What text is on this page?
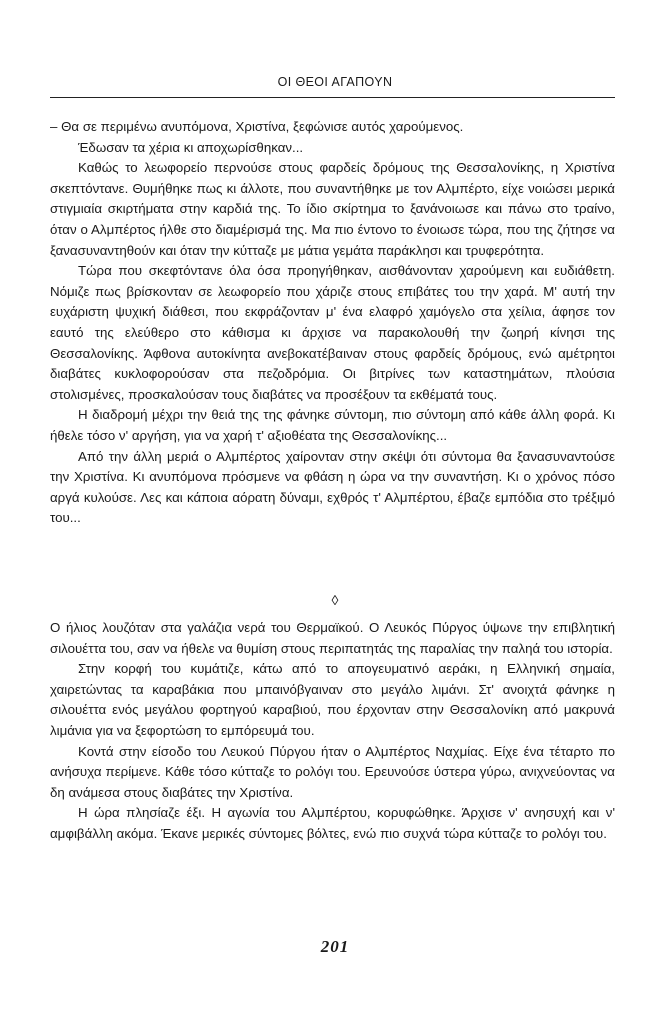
ΟΙ ΘΕΟΙ ΑΓΑΠΟΥΝ

– Θα σε περιμένω ανυπόμονα, Χριστίνα, ξεφώνισε αυτός χαρούμενος.

Έδωσαν τα χέρια κι αποχωρίσθηκαν...

Καθώς το λεωφορείο περνούσε στους φαρδείς δρόμους της Θεσσαλονίκης, η Χριστίνα σκεπτόντανε. Θυμήθηκε πως κι άλλοτε, που συναντήθηκε με τον Αλμπέρτο, είχε νοιώσει μερικά στιγμιαία σκιρτήματα στην καρδιά της. Το ίδιο σκίρτημα το ξανάνοιωσε και πάνω στο τραίνο, όταν ο Αλμπέρτος ήλθε στο διαμέρισμά της. Μα πιο έντονο το ένοιωσε τώρα, που της ζήτησε να ξανασυναντηθούν και όταν την κύτταζε με μάτια γεμάτα παράκλησι και τρυφερότητα.

Τώρα που σκεφτόντανε όλα όσα προηγήθηκαν, αισθάνονταν χαρούμενη και ευδιάθετη. Νόμιζε πως βρίσκονταν σε λεωφορείο που χάριζε στους επιβάτες του την χαρά. Μ' αυτή την ευχάριστη ψυχική διάθεσι, που εκφράζονταν μ' ένα ελαφρό χαμόγελο στα χείλια, άφησε τον εαυτό της ελεύθερο στο κάθισμα κι άρχισε να παρακολουθή την ζωηρή κίνησι της Θεσσαλονίκης. Άφθονα αυτοκίνητα ανεβοκατέβαιναν στους φαρδείς δρόμους, ενώ αμέτρητοι διαβάτες κυκλοφορούσαν στα πεζοδρόμια. Οι βιτρίνες των καταστημάτων, πλούσια στολισμένες, προσκαλούσαν τους διαβάτες να προσέξουν τα εκθέματά τους.

Η διαδρομή μέχρι την θειά της της φάνηκε σύντομη, πιο σύντομη από κάθε άλλη φορά. Κι ήθελε τόσο ν' αργήση, για να χαρή τ' αξιοθέατα της Θεσσαλονίκης...

Από την άλλη μεριά ο Αλμπέρτος χαίρονταν στην σκέψι ότι σύντομα θα ξανασυναντούσε την Χριστίνα. Κι ανυπόμονα πρόσμενε να φθάση η ώρα να την συναντήση. Κι ο χρόνος πόσο αργά κυλούσε. Λες και κάποια αόρατη δύναμι, εχθρός τ' Αλμπέρτου, έβαζε εμπόδια στο τρέξιμό του...

◊

Ο ήλιος λουζόταν στα γαλάζια νερά του Θερμαϊκού. Ο Λευκός Πύργος ύψωνε την επιβλητική σιλουέττα του, σαν να ήθελε να θυμίση στους περιπατητάς της παραλίας την παληά του ιστορία.

Στην κορφή του κυμάτιζε, κάτω από το απογευματινό αεράκι, η Ελληνική σημαία, χαιρετώντας τα καραβάκια που μπαινόβγαιναν στο μεγάλο λιμάνι. Στ' ανοιχτά φάνηκε η σιλουέττα ενός μεγάλου φορτηγού καραβιού, που έρχονταν στην Θεσσαλονίκη από μακρυνά λιμάνια για να ξεφορτώση το εμπόρευμά του.

Κοντά στην είσοδο του Λευκού Πύργου ήταν ο Αλμπέρτος Ναχμίας. Είχε ένα τέταρτο πο ανήσυχα περίμενε. Κάθε τόσο κύτταζε το ρολόγι του. Ερευνούσε ύστερα γύρω, ανιχνεύοντας να δη ανάμεσα στους διαβάτες την Χριστίνα.

Η ώρα πλησίαζε έξι. Η αγωνία του Αλμπέρτου, κορυφώθηκε. Άρχισε ν' ανησυχή και ν' αμφιβάλλη ακόμα. Έκανε μερικές σύντομες βόλτες, ενώ πιο συχνά τώρα κύτταζε το ρολόγι του.

201
